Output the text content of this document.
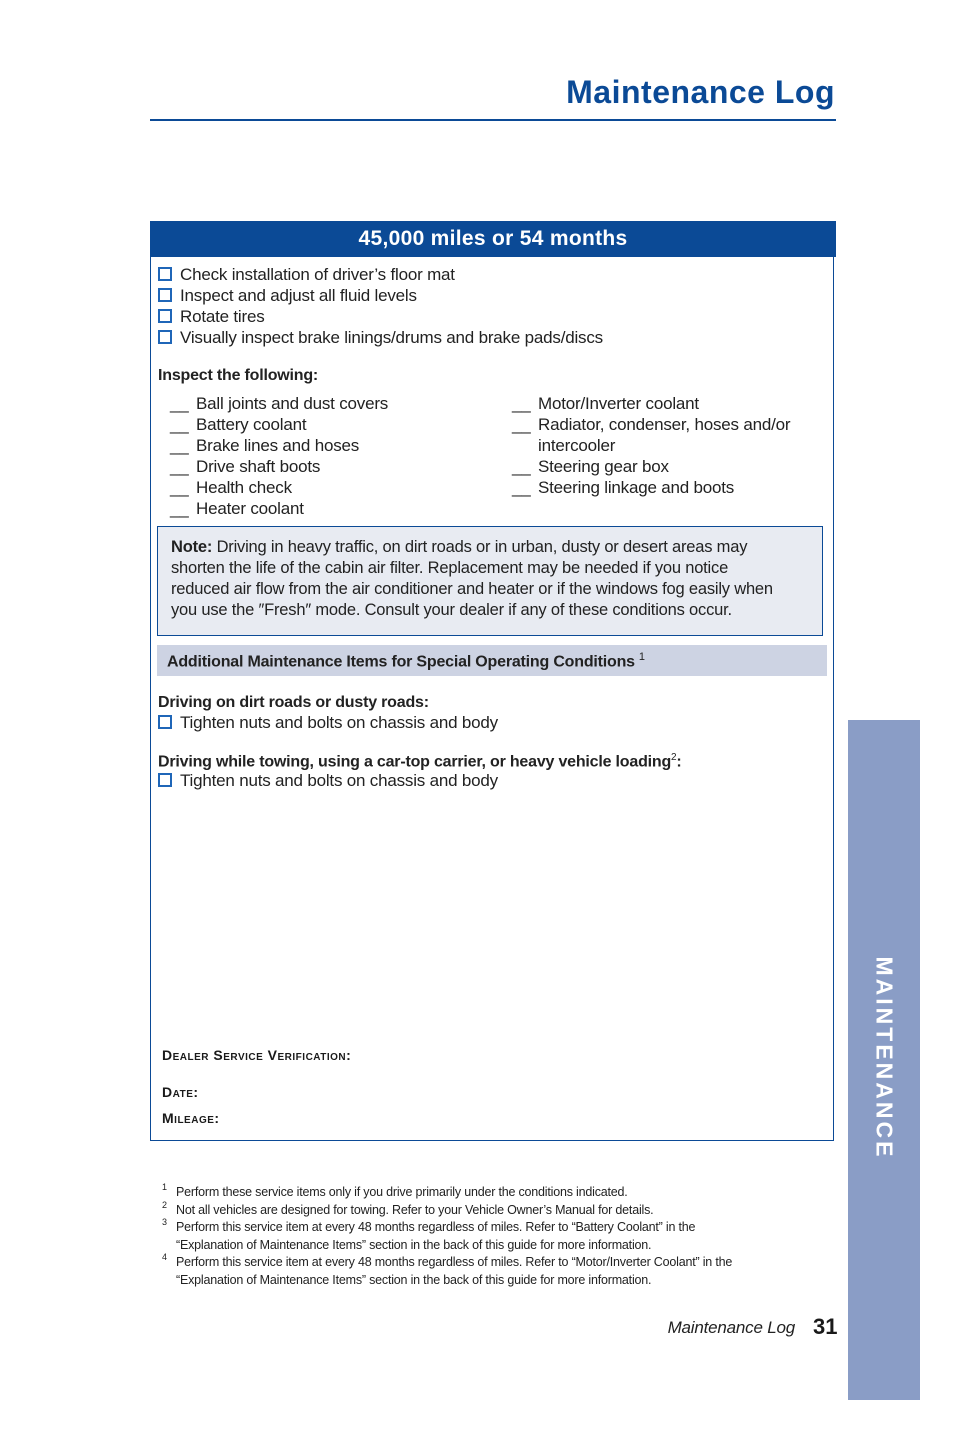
Maintenance Log
45,000 miles or 54 months
Check installation of driver’s floor mat
Inspect and adjust all fluid levels
Rotate tires
Visually inspect brake linings/drums and brake pads/discs
Inspect the following:
__ Ball joints and dust covers
__ Battery coolant
__ Brake lines and hoses
__ Drive shaft boots
__ Health check
__ Heater coolant
__ Motor/Inverter coolant
__ Radiator, condenser, hoses and/or
intercooler
__ Steering gear box
__ Steering linkage and boots
Note: Driving in heavy traffic, on dirt roads or in urban, dusty or desert areas may
shorten the life of the cabin air filter. Replacement may be needed if you notice
reduced air flow from the air conditioner and heater or if the windows fog easily when
you use the ″Fresh″ mode. Consult your dealer if any of these conditions occur.
Additional Maintenance Items for Special Operating Conditions $^1$
Driving on dirt roads or dusty roads:
Tighten nuts and bolts on chassis and body
Driving while towing, using a car-top carrier, or heavy vehicle loading$^2$:
Tighten nuts and bolts on chassis and body
Dealer Service Verification:
Date:
Mileage:
1 Perform these service items only if you drive primarily under the conditions indicated.
2 Not all vehicles are designed for towing. Refer to your Vehicle Owner’s Manual for details.
3 Perform this service item at every 48 months regardless of miles. Refer to “Battery Coolant” in the
“Explanation of Maintenance Items” section in the back of this guide for more information.
4 Perform this service item at every 48 months regardless of miles. Refer to “Motor/Inverter Coolant” in the
“Explanation of Maintenance Items” section in the back of this guide for more information.
Maintenance Log 31
MAINTENANCE
